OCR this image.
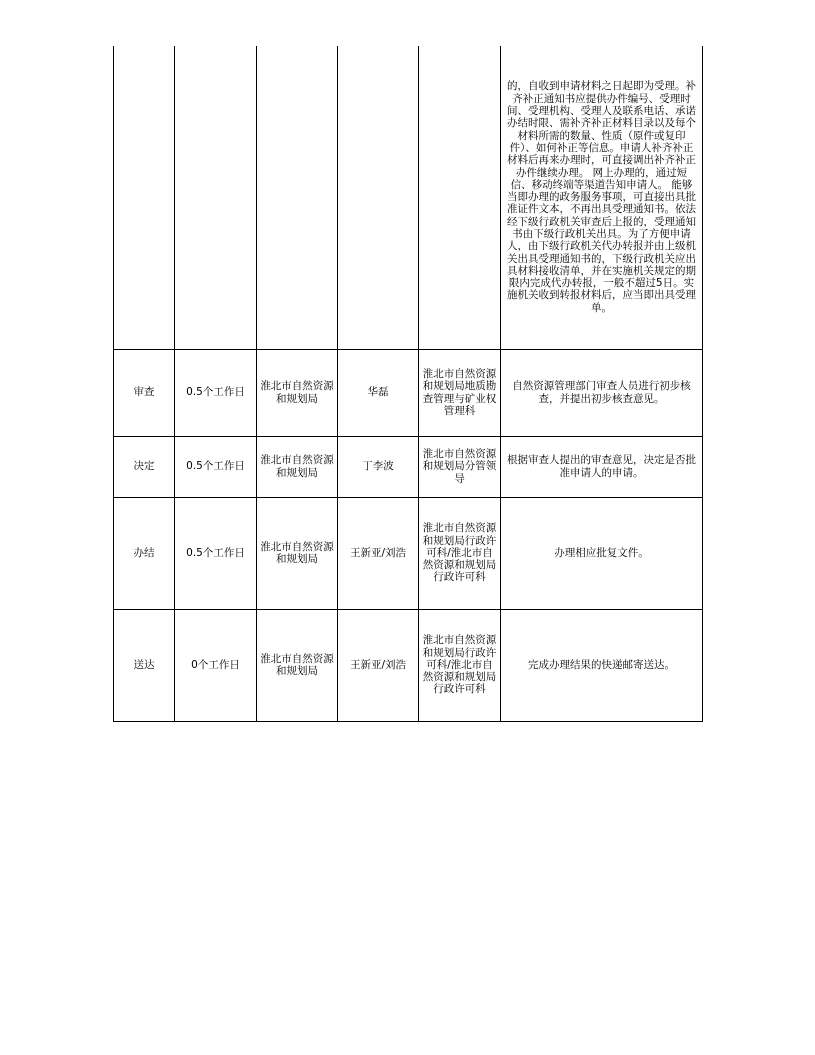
					的，自收到申请材料之日起即为受理。补齐补正通知书应提供办件编号、受理时间、受理机构、受理人及联系电话、承诺办结时限、需补齐补正材料目录以及每个材料所需的数量、性质（原件或复印件）、如何补正等信息。申请人补齐补正材料后再来办理时，可直接调出补齐补正办件继续办理。 网上办理的，通过短信、移动终端等渠道告知申请人。 能够当即办理的政务服务事项，可直接出具批准证件文本，不再出具受理通知书。依法经下级行政机关审查后上报的，受理通知书由下级行政机关出具。为了方便申请人，由下级行政机关代办转报并由上级机关出具受理通知书的，下级行政机关应出具材料接收清单，并在实施机关规定的期限内完成代办转报，一般不超过5日。实施机关收到转报材料后，应当即出具受理单。
审查	0.5个工作日	淮北市自然资源和规划局	华磊	淮北市自然资源和规划局地质勘查管理与矿业权管理科	自然资源管理部门审查人员进行初步核查，并提出初步核查意见。
决定	0.5个工作日	淮北市自然资源和规划局	丁李波	淮北市自然资源和规划局分管领导	根据审查人提出的审查意见，决定是否批准申请人的申请。
办结	0.5个工作日	淮北市自然资源和规划局	王新亚/刘浩	淮北市自然资源和规划局行政许可科/淮北市自然资源和规划局行政许可科	办理相应批复文件。
送达	0个工作日	淮北市自然资源和规划局	王新亚/刘浩	淮北市自然资源和规划局行政许可科/淮北市自然资源和规划局行政许可科	完成办理结果的快递邮寄送达。
